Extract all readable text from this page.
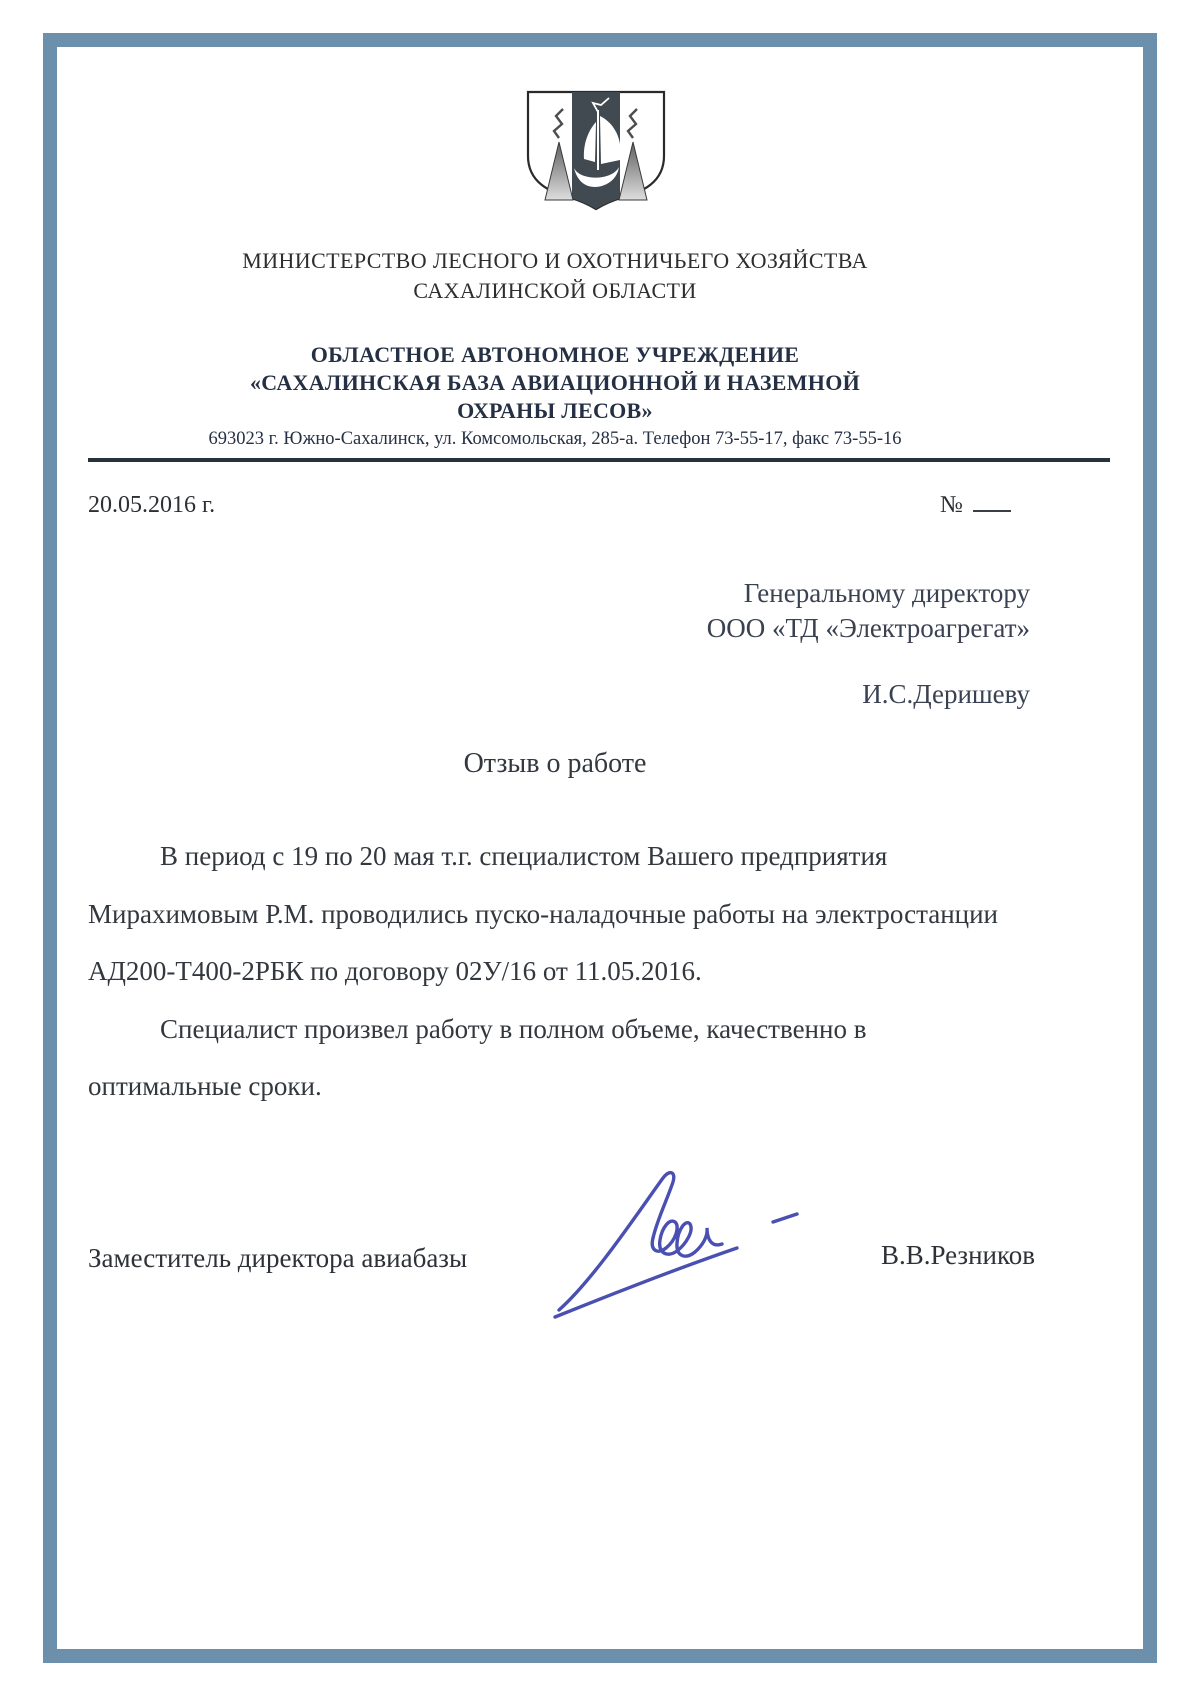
МИНИСТЕРСТВО ЛЕСНОГО И ОХОТНИЧЬЕГО ХОЗЯЙСТВА
САХАЛИНСКОЙ ОБЛАСТИ
ОБЛАСТНОЕ АВТОНОМНОЕ УЧРЕЖДЕНИЕ
«САХАЛИНСКАЯ БАЗА АВИАЦИОННОЙ И НАЗЕМНОЙ
ОХРАНЫ ЛЕСОВ»
693023 г. Южно-Сахалинск, ул. Комсомольская, 285-а. Телефон 73-55-17, факс 73-55-16
20.05.2016 г.	№
Генеральному директору
ООО «ТД «Электроагрегат»
И.С.Деришеву
Отзыв о работе
В период с 19 по 20 мая т.г. специалистом Вашего предприятия
Мирахимовым Р.М. проводились пуско-наладочные работы на электростанции
АД200-Т400-2РБК по договору 02У/16 от 11.05.2016.
Специалист произвел работу в полном объеме, качественно в
оптимальные сроки.
Заместитель директора авиабазы	В.В.Резников
